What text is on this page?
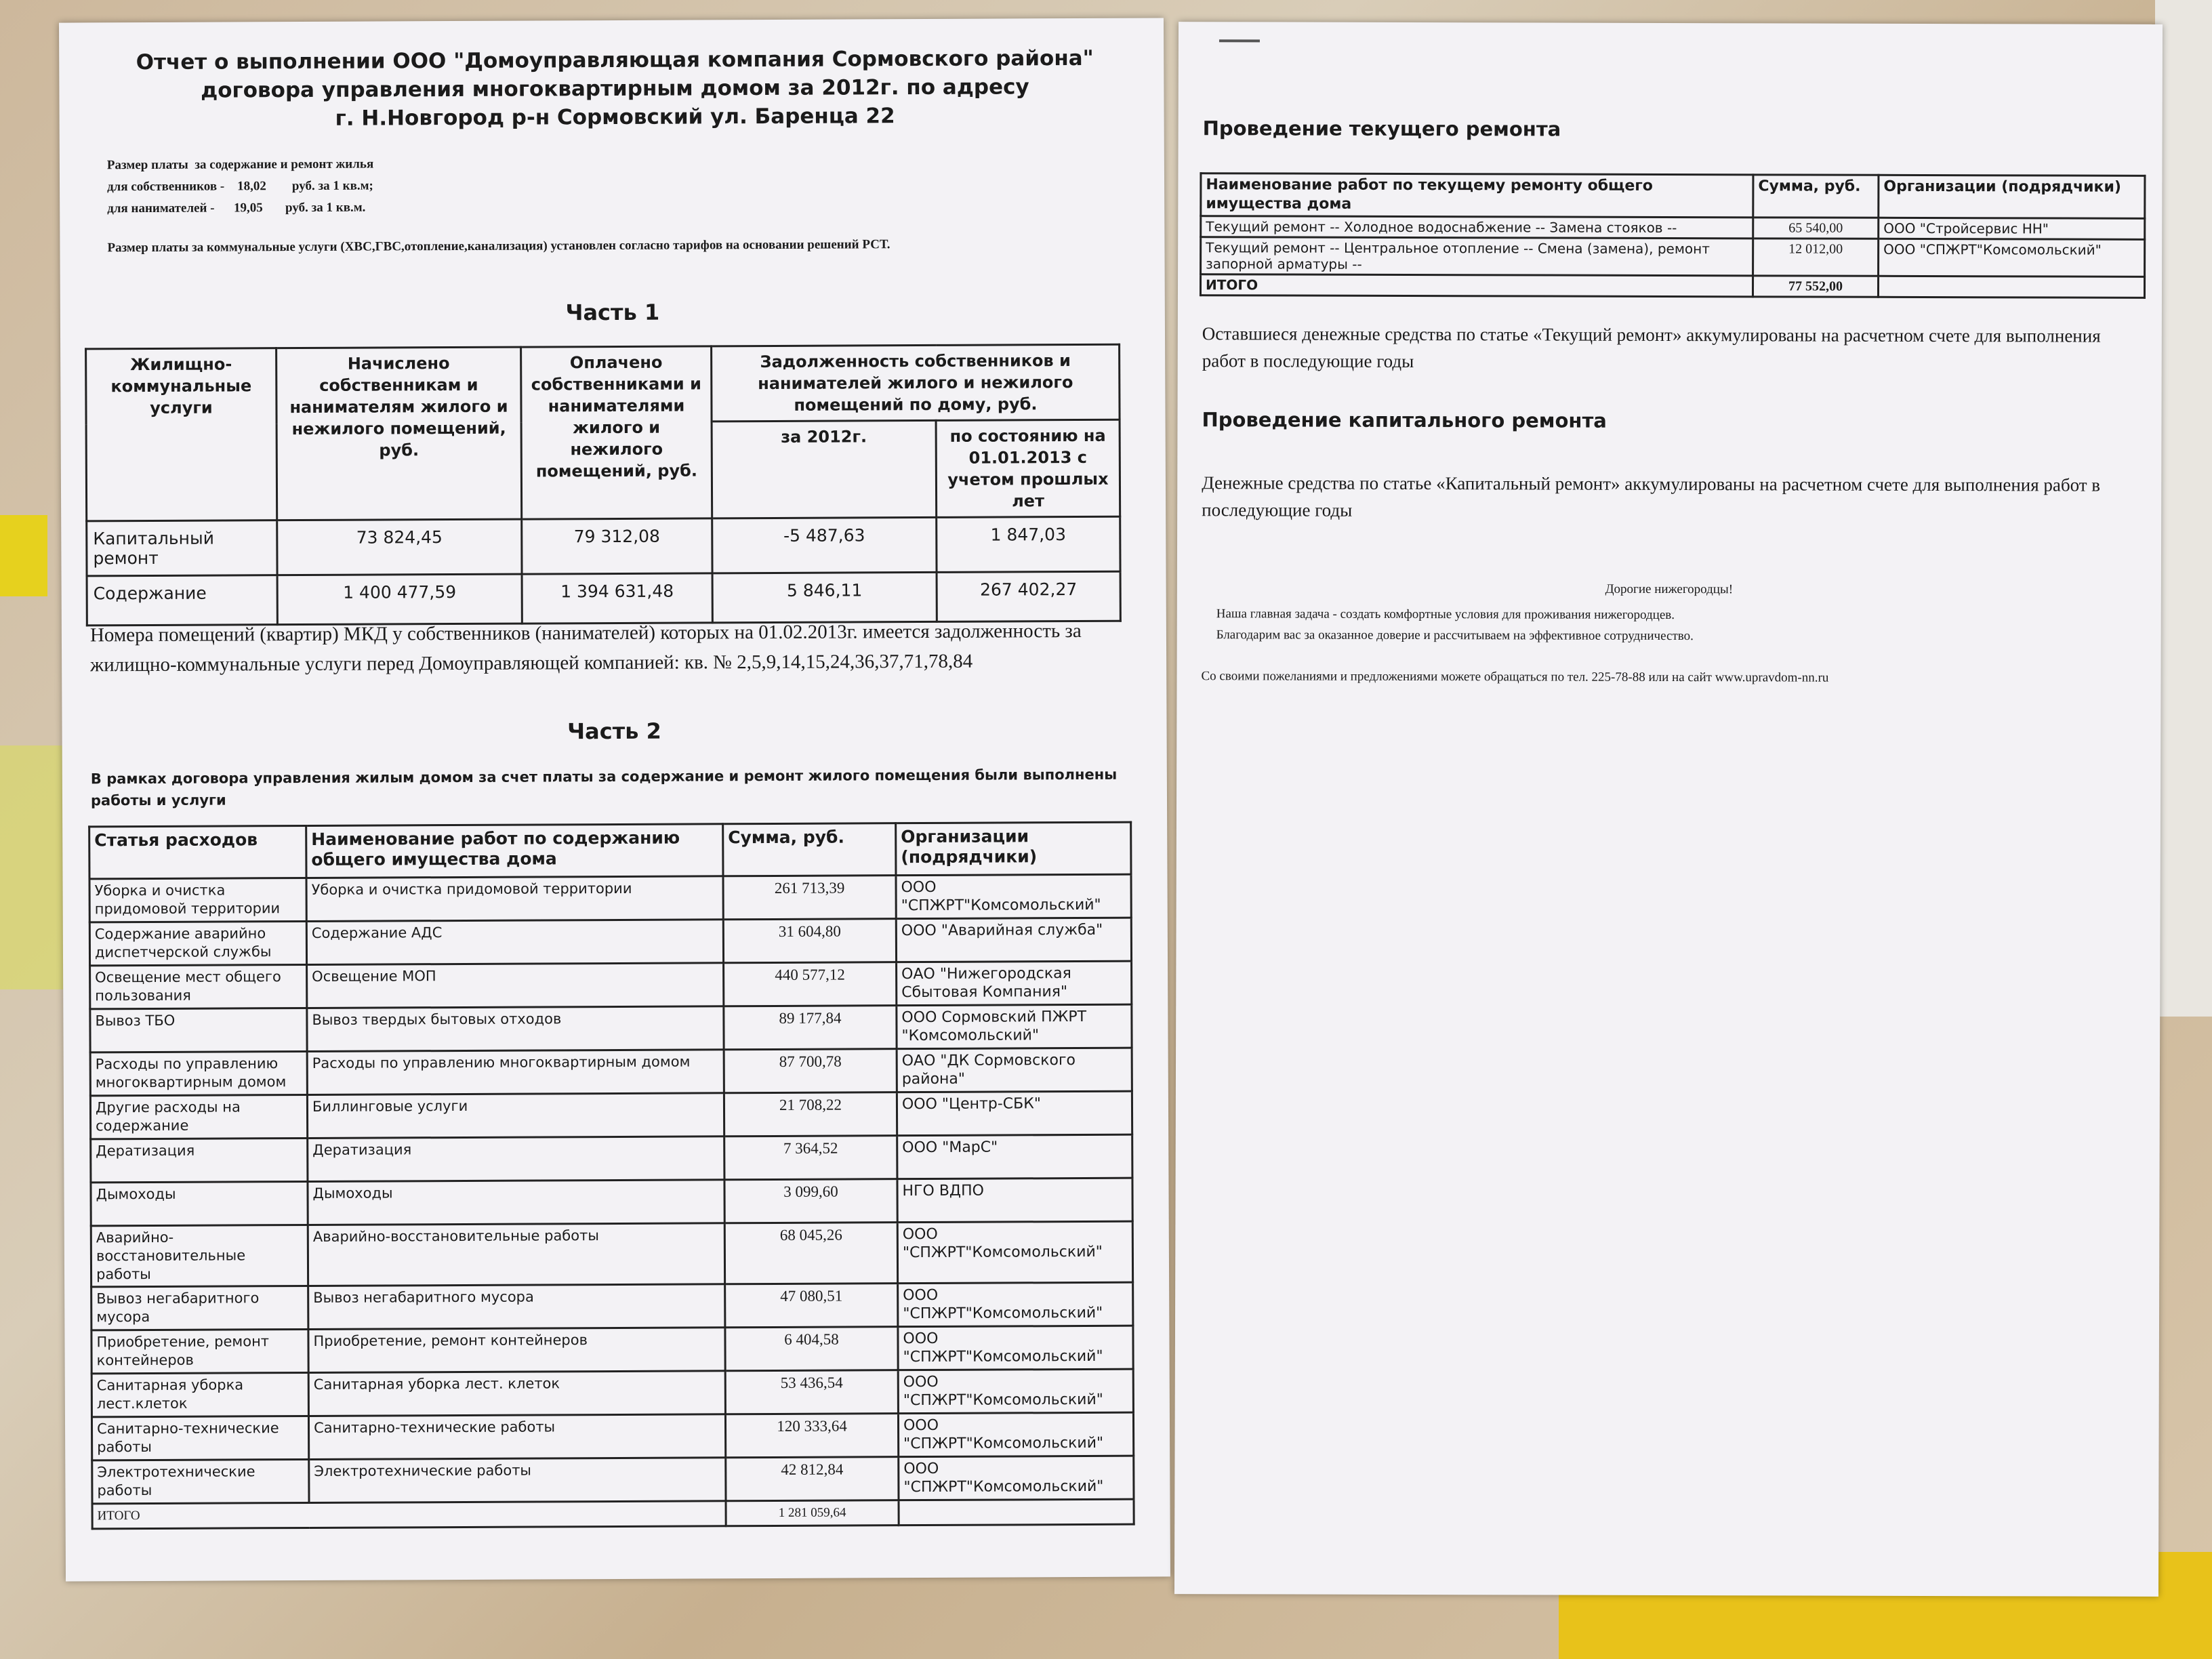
Отчет о выполнении ООО "Домоуправляющая компания Сормовского района"
договора управления многоквартирным домом за 2012г. по адресу
г. Н.Новгород р-н Сормовский ул. Баренца 22
Размер платы  за содержание и ремонт жилья
для собственников -    18,02        руб. за 1 кв.м;
для нанимателей -      19,05       руб. за 1 кв.м.
Размер платы за коммунальные услуги (ХВС,ГВС,отопление,канализация) установлен согласно тарифов на основании решений РСТ.
Часть 1
Жилищно-коммунальные услуги	Начислено собственникам и нанимателям жилого и нежилого помещений, руб.	Оплачено собственниками и нанимателями жилого и нежилого помещений, руб.	Задолженность собственников и нанимателей жилого и нежилого помещений по дому, руб.	
			за 2012г.	по состоянию на 01.01.2013 с учетом прошлых лет
Капитальный ремонт	73 824,45	79 312,08	-5 487,63	1 847,03
Содержание	1 400 477,59	1 394 631,48	5 846,11	267 402,27
Номера помещений (квартир) МКД у собственников (нанимателей) которых на 01.02.2013г. имеется задолженность за жилищно-коммунальные услуги перед Домоуправляющей компанией: кв. № 2,5,9,14,15,24,36,37,71,78,84
Часть 2
В рамках договора управления жилым домом за счет платы за содержание и ремонт жилого помещения были выполнены работы и услуги
Статья расходов	Наименование работ по содержанию общего имущества дома	Сумма, руб.	Организации (подрядчики)
Уборка и очистка придомовой территории	Уборка и очистка придомовой территории	261 713,39	ООО "СПЖРТ"Комсомольский"
Содержание аварийно диспетчерской службы	Содержание АДС	31 604,80	ООО "Аварийная служба"
Освещение мест общего пользования	Освещение МОП	440 577,12	ОАО "Нижегородская Сбытовая Компания"
Вывоз ТБО	Вывоз твердых бытовых отходов	89 177,84	ООО Сормовский ПЖРТ "Комсомольский"
Расходы по управлению многоквартирным домом	Расходы по управлению многоквартирным домом	87 700,78	ОАО "ДК Сормовского района"
Другие расходы на содержание	Биллинговые услуги	21 708,22	ООО "Центр-СБК"
Дератизация	Дератизация	7 364,52	ООО "МарС"
Дымоходы	Дымоходы	3 099,60	НГО ВДПО
Аварийно-восстановительные работы	Аварийно-восстановительные работы	68 045,26	ООО "СПЖРТ"Комсомольский"
Вывоз негабаритного мусора	Вывоз негабаритного мусора	47 080,51	ООО "СПЖРТ"Комсомольский"
Приобретение, ремонт контейнеров	Приобретение, ремонт контейнеров	6 404,58	ООО "СПЖРТ"Комсомольский"
Санитарная уборка лест.клеток	Санитарная уборка лест. клеток	53 436,54	ООО "СПЖРТ"Комсомольский"
Санитарно-технические работы	Санитарно-технические работы	120 333,64	ООО "СПЖРТ"Комсомольский"
Электротехнические работы	Электротехнические работы	42 812,84	ООО "СПЖРТ"Комсомольский"
ИТОГО		1 281 059,64	
Проведение текущего ремонта
Наименование работ по текущему ремонту общего имущества дома	Сумма, руб.	Организации (подрядчики)
Текущий ремонт -- Холодное водоснабжение -- Замена стояков --	65 540,00	ООО "Стройсервис НН"
Текущий ремонт -- Центральное отопление -- Смена (замена), ремонт запорной арматуры --	12 012,00	ООО "СПЖРТ"Комсомольский"
ИТОГО	77 552,00	
Оставшиеся денежные средства по статье «Текущий ремонт» аккумулированы на расчетном счете для выполнения работ в последующие годы
Проведение капитального ремонта
Денежные средства по статье «Капитальный ремонт» аккумулированы на расчетном счете для выполнения работ в последующие годы
Дорогие нижегородцы!
Наша главная задача - создать комфортные условия для проживания нижегородцев.
Благодарим вас за оказанное доверие и рассчитываем на эффективное сотрудничество.
Со своими пожеланиями и предложениями можете обращаться по тел. 225-78-88 или на сайт www.upravdom-nn.ru
